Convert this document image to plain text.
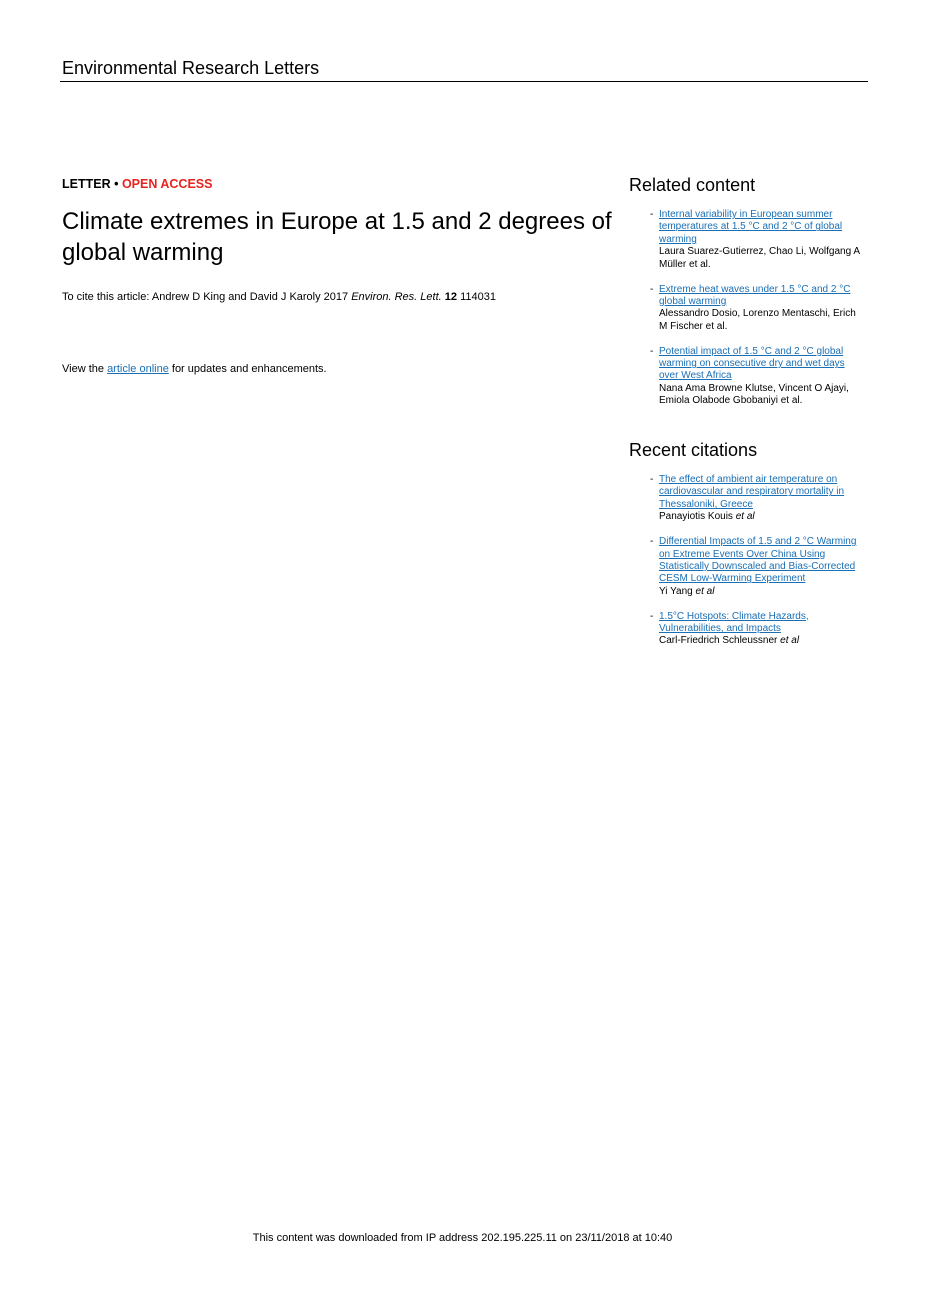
Environmental Research Letters
LETTER • OPEN ACCESS
Climate extremes in Europe at 1.5 and 2 degrees of global warming
To cite this article: Andrew D King and David J Karoly 2017 Environ. Res. Lett. 12 114031
View the article online for updates and enhancements.
Related content
- Internal variability in European summer temperatures at 1.5 °C and 2 °C of global warming
Laura Suarez-Gutierrez, Chao Li, Wolfgang A Müller et al.
- Extreme heat waves under 1.5 °C and 2 °C global warming
Alessandro Dosio, Lorenzo Mentaschi, Erich M Fischer et al.
- Potential impact of 1.5 °C and 2 °C global warming on consecutive dry and wet days over West Africa
Nana Ama Browne Klutse, Vincent O Ajayi, Emiola Olabode Gbobaniyi et al.
Recent citations
- The effect of ambient air temperature on cardiovascular and respiratory mortality in Thessaloniki, Greece
Panayiotis Kouis et al
- Differential Impacts of 1.5 and 2 °C Warming on Extreme Events Over China Using Statistically Downscaled and Bias-Corrected CESM Low-Warming Experiment
Yi Yang et al
- 1.5°C Hotspots: Climate Hazards, Vulnerabilities, and Impacts
Carl-Friedrich Schleussner et al
This content was downloaded from IP address 202.195.225.11 on 23/11/2018 at 10:40
